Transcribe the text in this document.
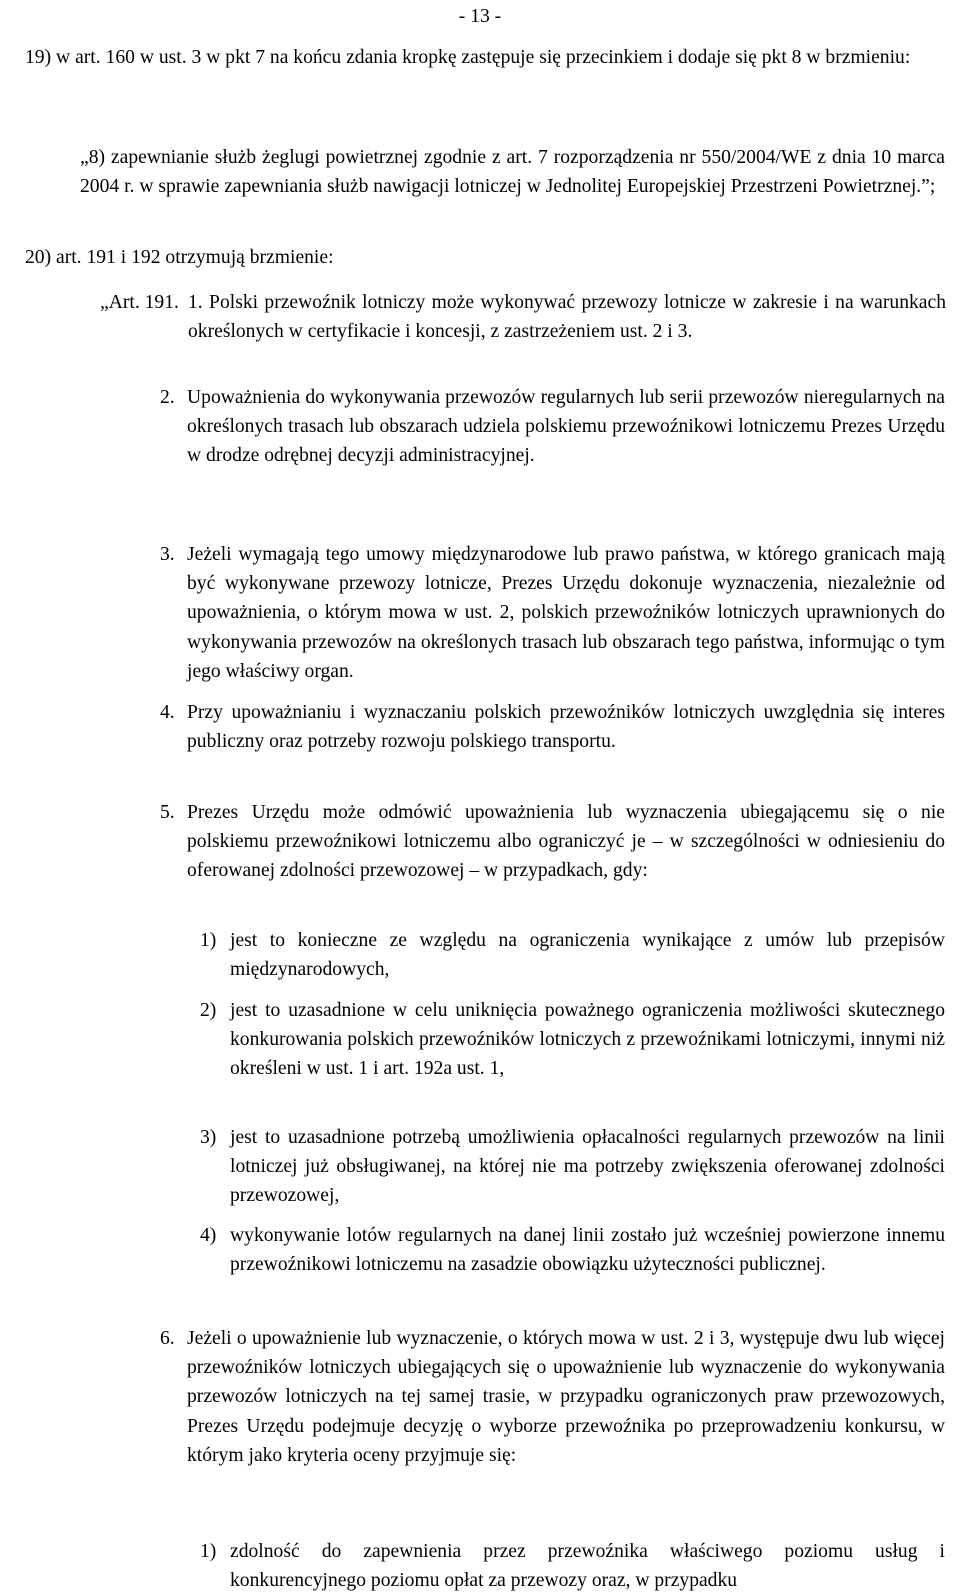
- 13 -
19) w art. 160 w ust. 3 w pkt 7 na końcu zdania kropkę zastępuje się przecinkiem i dodaje się pkt 8 w brzmieniu:
„8) zapewnianie służb żeglugi powietrznej zgodnie z art. 7 rozporządzenia nr 550/2004/WE z dnia 10 marca 2004 r. w sprawie zapewniania służb nawigacji lotniczej w Jednolitej Europejskiej Przestrzeni Powietrznej.”;
20) art. 191 i 192 otrzymują brzmienie:
„Art. 191. 1. Polski przewoźnik lotniczy może wykonywać przewozy lotnicze w zakresie i na warunkach określonych w certyfikacie i koncesji, z zastrzeżeniem ust. 2 i 3.
2. Upoważnienia do wykonywania przewozów regularnych lub serii przewozów nieregularnych na określonych trasach lub obszarach udziela polskiemu przewoźnikowi lotniczemu Prezes Urzędu w drodze odrębnej decyzji administracyjnej.
3. Jeżeli wymagają tego umowy międzynarodowe lub prawo państwa, w którego granicach mają być wykonywane przewozy lotnicze, Prezes Urzędu dokonuje wyznaczenia, niezależnie od upoważnienia, o którym mowa w ust. 2, polskich przewoźników lotniczych uprawnionych do wykonywania przewozów na określonych trasach lub obszarach tego państwa, informując o tym jego właściwy organ.
4. Przy upoważnianiu i wyznaczaniu polskich przewoźników lotniczych uwzględnia się interes publiczny oraz potrzeby rozwoju polskiego transportu.
5. Prezes Urzędu może odmówić upoważnienia lub wyznaczenia ubiegającemu się o nie polskiemu przewoźnikowi lotniczemu albo ograniczyć je – w szczególności w odniesieniu do oferowanej zdolności przewozowej – w przypadkach, gdy:
1) jest to konieczne ze względu na ograniczenia wynikające z umów lub przepisów międzynarodowych,
2) jest to uzasadnione w celu uniknięcia poważnego ograniczenia możliwości skutecznego konkurowania polskich przewoźników lotniczych z przewoźnikami lotniczymi, innymi niż określeni w ust. 1 i art. 192a ust. 1,
3) jest to uzasadnione potrzebą umożliwienia opłacalności regularnych przewozów na linii lotniczej już obsługiwanej, na której nie ma potrzeby zwiększenia oferowanej zdolności przewozowej,
4) wykonywanie lotów regularnych na danej linii zostało już wcześniej powierzone innemu przewoźnikowi lotniczemu na zasadzie obowiązku użyteczności publicznej.
6. Jeżeli o upoważnienie lub wyznaczenie, o których mowa w ust. 2 i 3, występuje dwu lub więcej przewoźników lotniczych ubiegających się o upoważnienie lub wyznaczenie do wykonywania przewozów lotniczych na tej samej trasie, w przypadku ograniczonych praw przewozowych, Prezes Urzędu podejmuje decyzję o wyborze przewoźnika po przeprowadzeniu konkursu, w którym jako kryteria oceny przyjmuje się:
1) zdolność do zapewnienia przez przewoźnika właściwego poziomu usług i konkurencyjnego poziomu opłat za przewozy oraz, w przypadku
